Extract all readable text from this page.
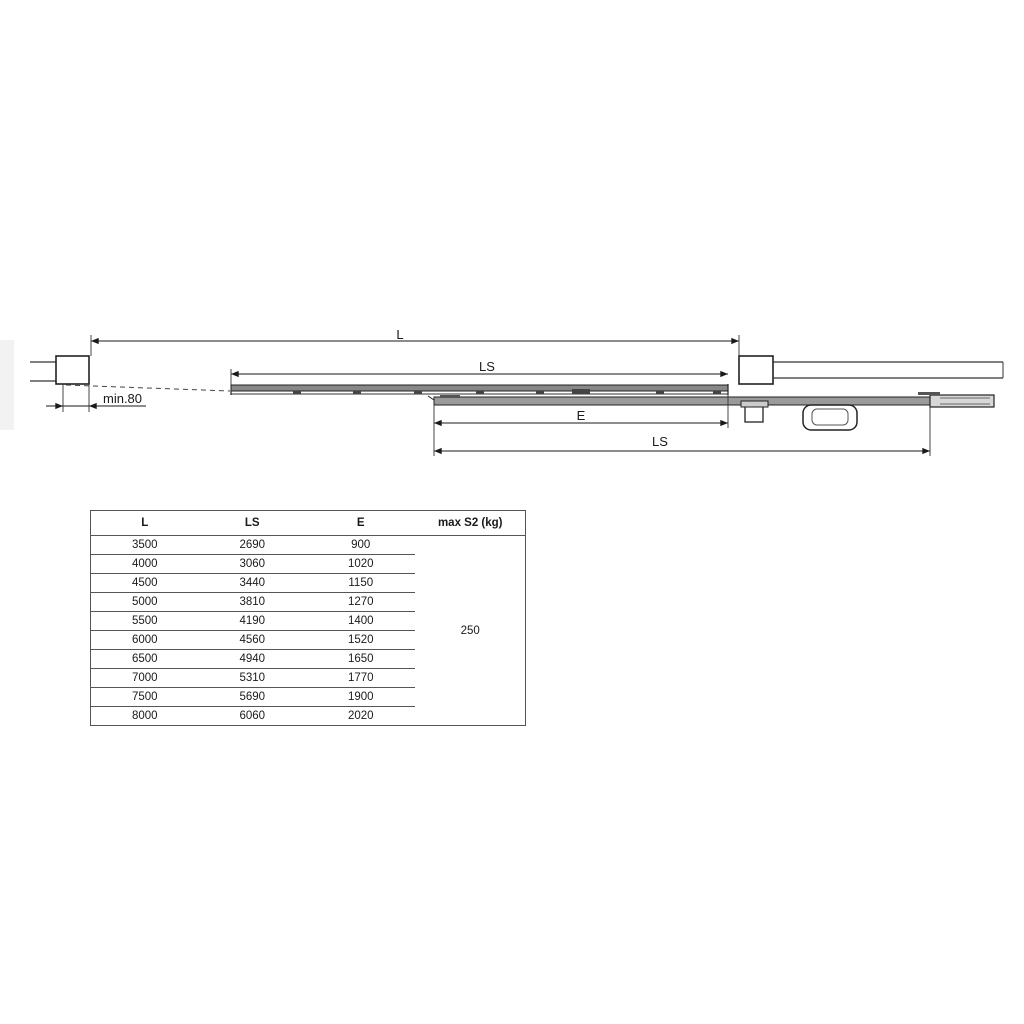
L
LS
E
LS
min.80
L	LS	E	max S2 (kg)
3500	2690	900	250
4000	3060	1020	
4500	3440	1150	
5000	3810	1270	
5500	4190	1400	
6000	4560	1520	
6500	4940	1650	
7000	5310	1770	
7500	5690	1900	
8000	6060	2020	
